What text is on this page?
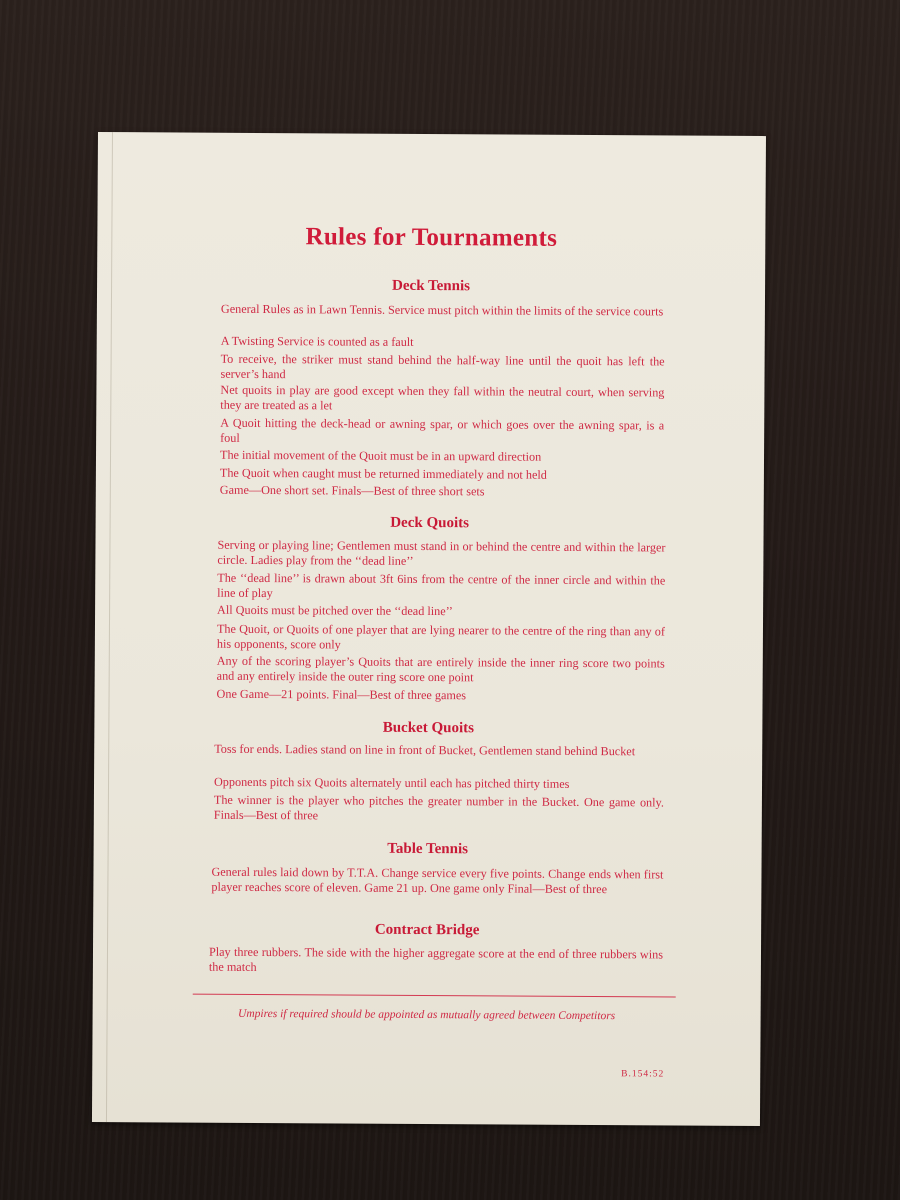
Rules for Tournaments
Deck Tennis

General Rules as in Lawn Tennis. Service must pitch within the limits of the service courts

A Twisting Service is counted as a fault

To receive, the striker must stand behind the half-way line until the quoit has left the server’s hand

Net quoits in play are good except when they fall within the neutral court, when serving they are treated as a let

A Quoit hitting the deck-head or awning spar, or which goes over the awning spar, is a foul

The initial movement of the Quoit must be in an upward direction

The Quoit when caught must be returned immediately and not held

Game—One short set. Finals—Best of three short sets

Deck Quoits

Serving or playing line; Gentlemen must stand in or behind the centre and within the larger circle. Ladies play from the ‘‘dead line’’

The ‘‘dead line’’ is drawn about 3ft 6ins from the centre of the inner circle and within the line of play

All Quoits must be pitched over the ‘‘dead line’’

The Quoit, or Quoits of one player that are lying nearer to the centre of the ring than any of his opponents, score only

Any of the scoring player’s Quoits that are entirely inside the inner ring score two points and any entirely inside the outer ring score one point

One Game—21 points. Final—Best of three games

Bucket Quoits

Toss for ends. Ladies stand on line in front of Bucket, Gentlemen stand behind Bucket

Opponents pitch six Quoits alternately until each has pitched thirty times

The winner is the player who pitches the greater number in the Bucket. One game only. Finals—Best of three

Table Tennis

General rules laid down by T.T.A. Change service every five points. Change ends when first player reaches score of eleven. Game 21 up. One game only Final—Best of three

Contract Bridge

Play three rubbers. The side with the higher aggregate score at the end of three rubbers wins the match

Umpires if required should be appointed as mutually agreed between Competitors
B.154:52
